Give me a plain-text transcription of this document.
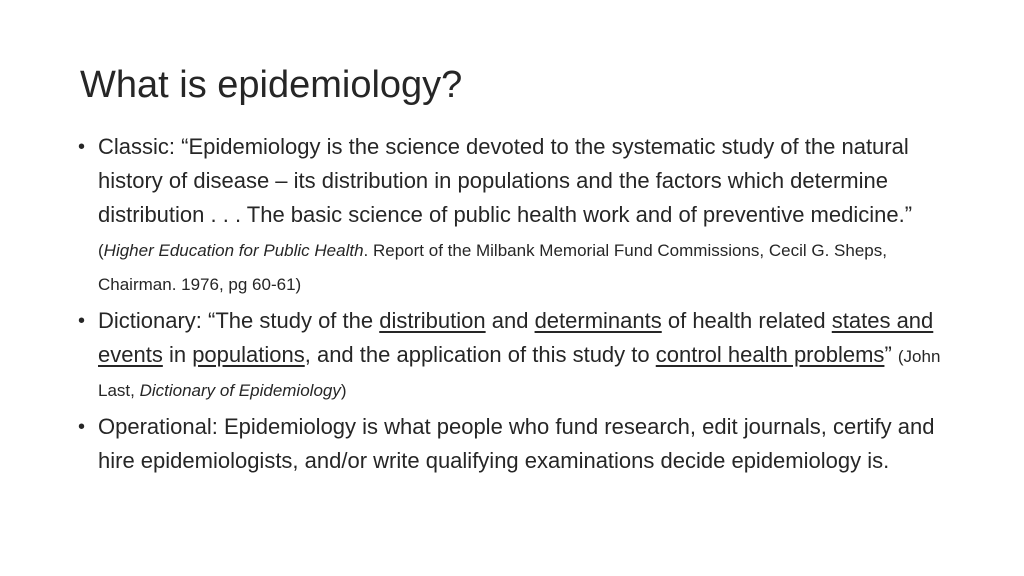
What is epidemiology?
• Classic: “Epidemiology is the science devoted to the systematic study of the natural history of disease – its distribution in populations and the factors which determine distribution . . . The basic science of public health work and of preventive medicine.” (Higher Education for Public Health. Report of the Milbank Memorial Fund Commissions, Cecil G. Sheps, Chairman. 1976, pg 60-61)
• Dictionary: “The study of the distribution and determinants of health related states and events in populations, and the application of this study to control health problems” (John Last, Dictionary of Epidemiology)
• Operational: Epidemiology is what people who fund research, edit journals, certify and hire epidemiologists, and/or write qualifying examinations decide epidemiology is.
